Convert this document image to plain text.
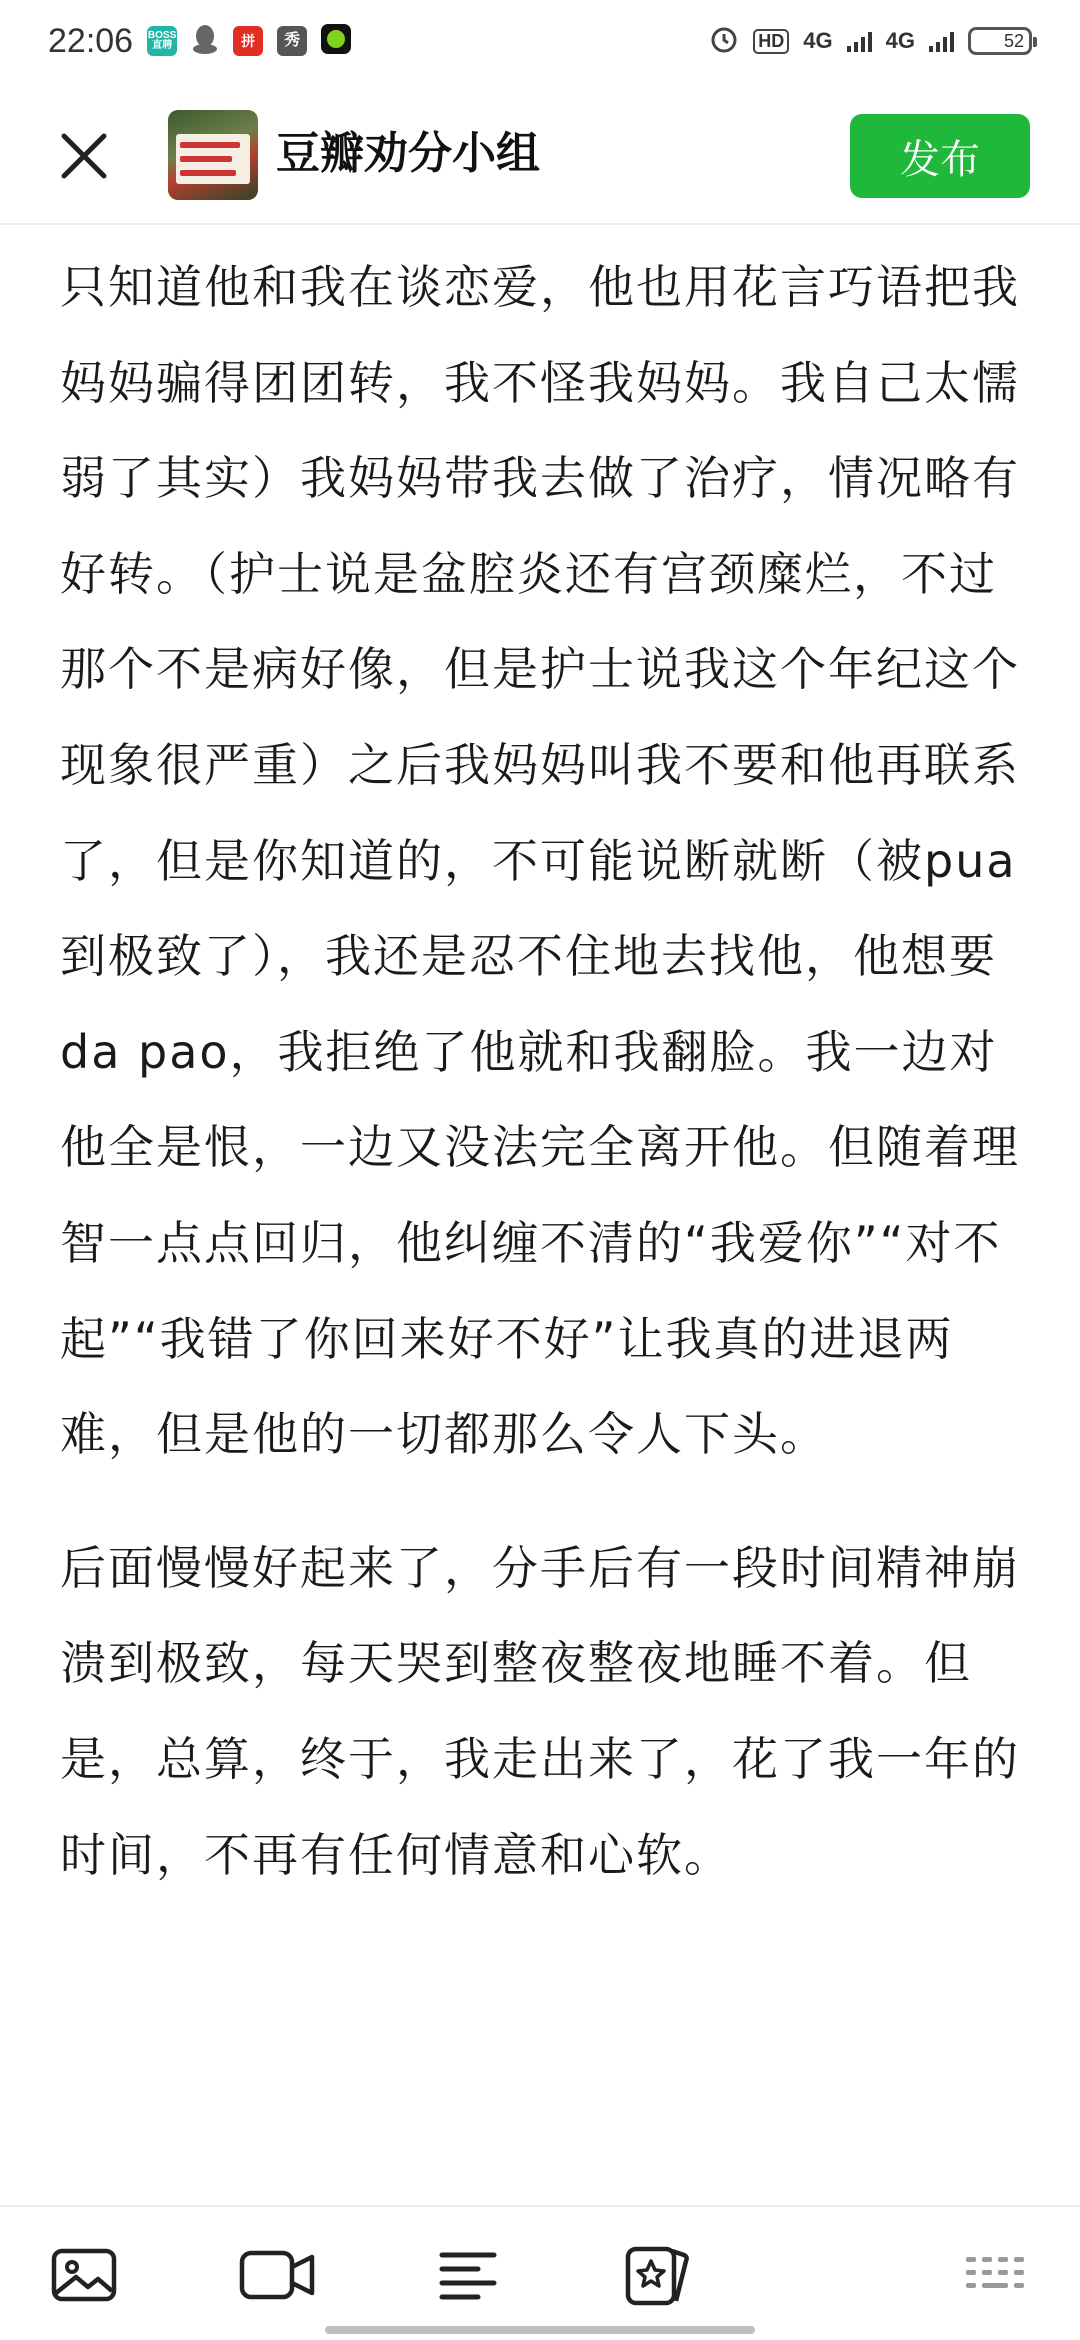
22:06 BOSS直聘	拼	秀	HD 4G 4G	52
豆瓣劝分小组	发布

只知道他和我在谈恋爱，他也用花言巧语把我妈妈骗得团团转，我不怪我妈妈。我自己太懦弱了其实）我妈妈带我去做了治疗，情况略有好转。（护士说是盆腔炎还有宫颈糜烂，不过那个不是病好像，但是护士说我这个年纪这个现象很严重）之后我妈妈叫我不要和他再联系了，但是你知道的，不可能说断就断（被pua到极致了），我还是忍不住地去找他，他想要da pao，我拒绝了他就和我翻脸。我一边对他全是恨，一边又没法完全离开他。但随着理智一点点回归，他纠缠不清的“我爱你”“对不起”“我错了你回来好不好”让我真的进退两难，但是他的一切都那么令人下头。

后面慢慢好起来了，分手后有一段时间精神崩溃到极致，每天哭到整夜整夜地睡不着。但是，总算，终于，我走出来了，花了我一年的时间，不再有任何情意和心软。
